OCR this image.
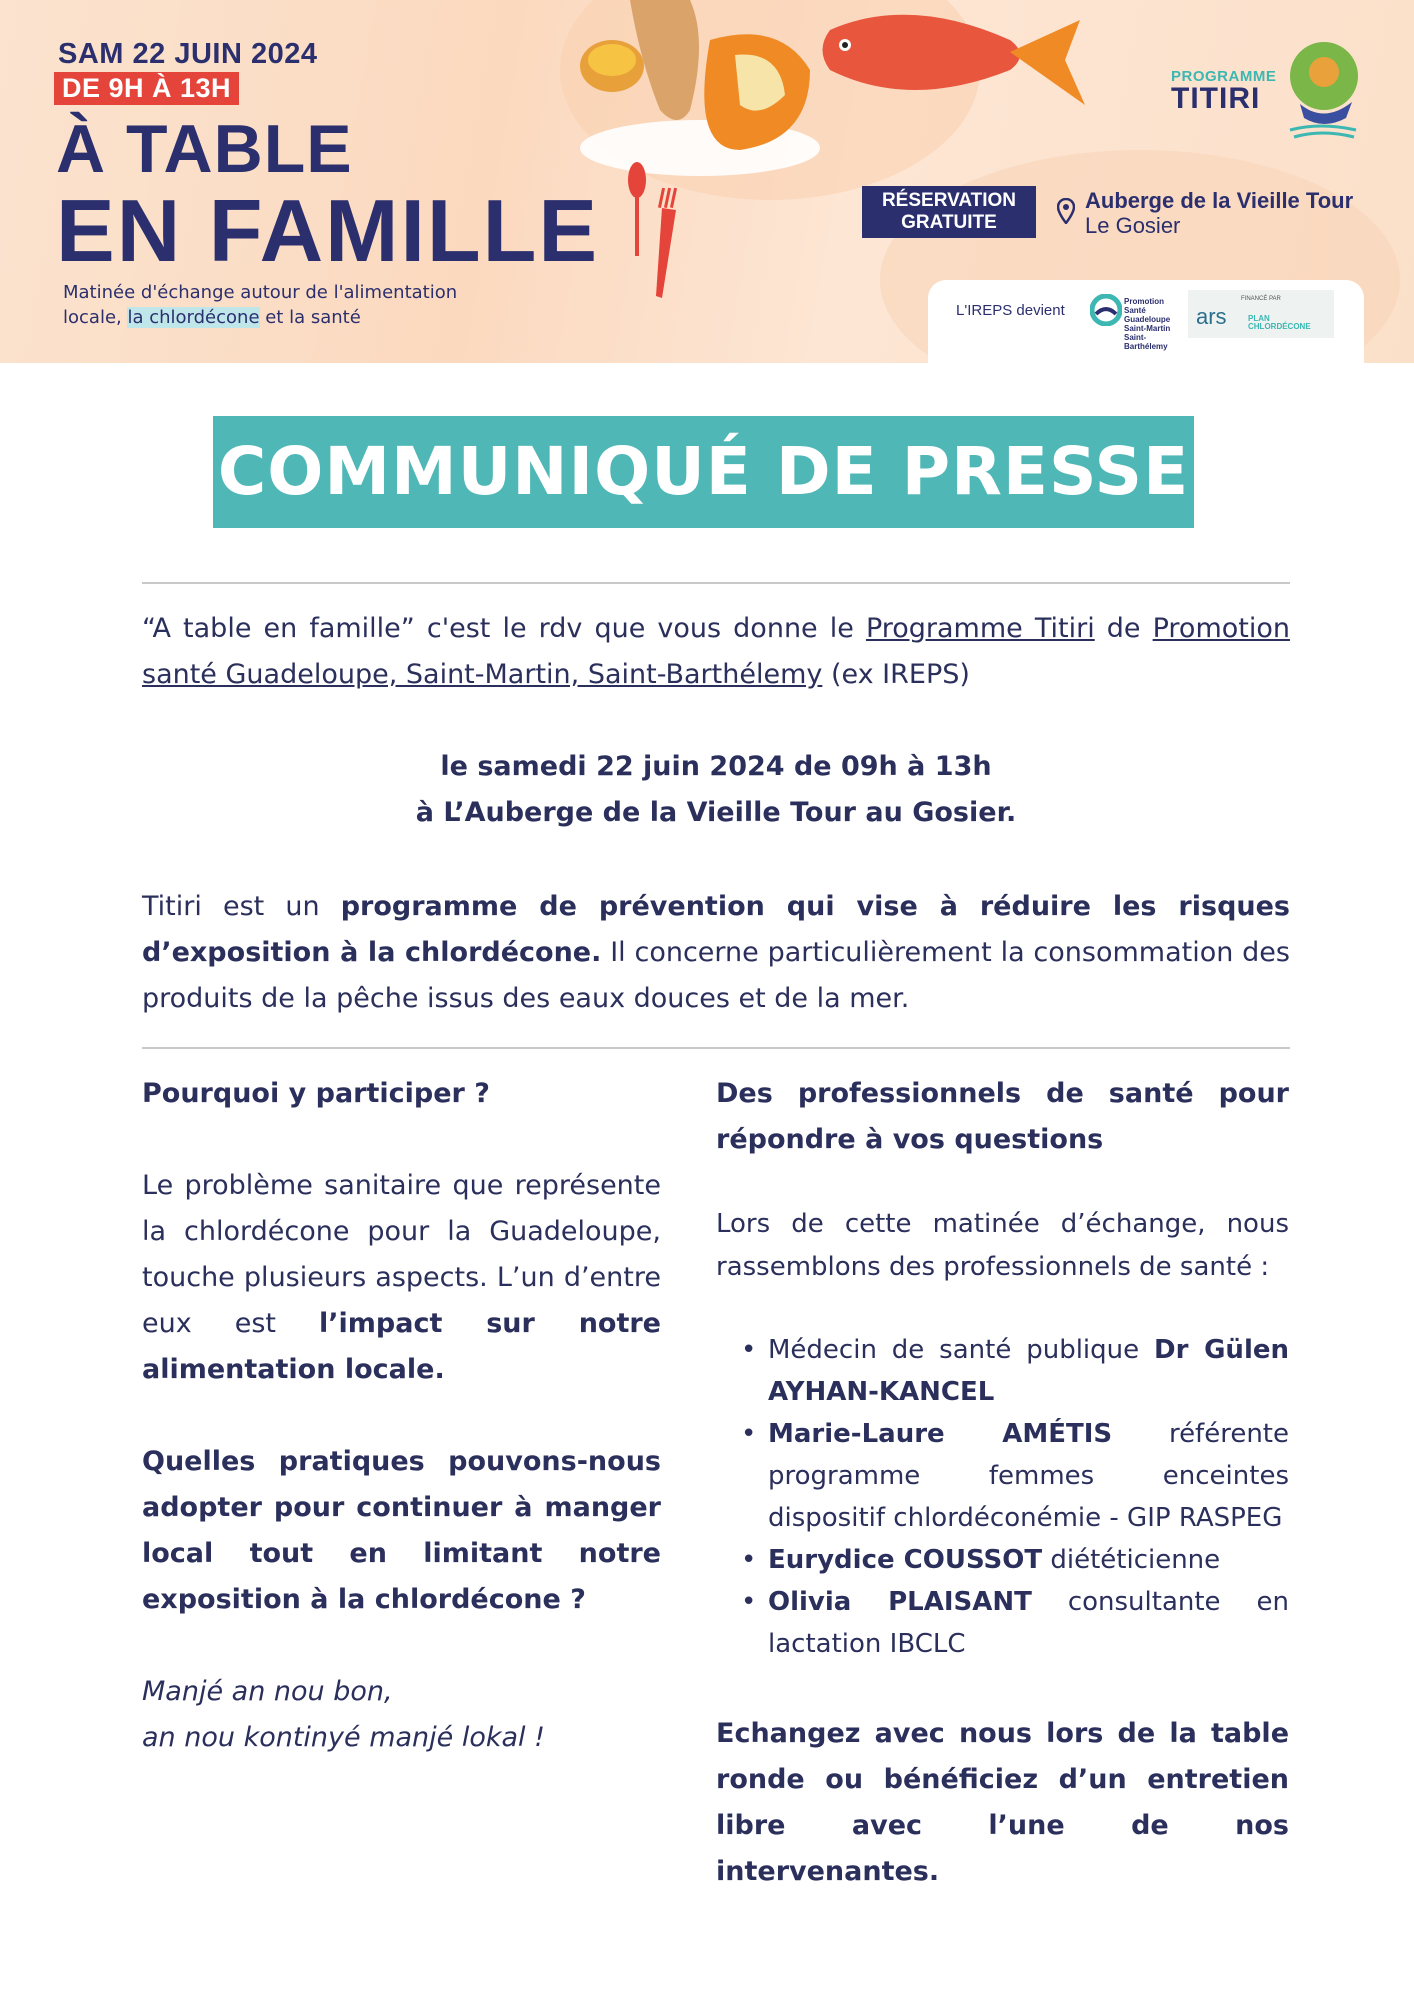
SAM 22 JUIN 2024
DE 9H À 13H
À TABLE
EN FAMILLE
Matinée d'échange autour de l'alimentation locale, la chlordécone et la santé
RÉSERVATION
GRATUITE
Auberge de la Vieille Tour
Le Gosier
PROGRAMME
TITIRI
L'IREPS devient
Promotion Santé Guadeloupe Saint-Martin Saint-Barthélemy
FINANCÉ PAR
ars	PLAN CHLORDÉCONE
COMMUNIQUÉ DE PRESSE

“A table en famille” c'est le rdv que vous donne le Programme Titiri de Promotion santé Guadeloupe, Saint-Martin, Saint-Barthélemy (ex IREPS)

le samedi 22 juin 2024 de 09h à 13h
à L’Auberge de la Vieille Tour au Gosier.

Titiri est un programme de prévention qui vise à réduire les risques d’exposition à la chlordécone. Il concerne particulièrement la consommation des produits de la pêche issus des eaux douces et de la mer.

Pourquoi y participer ?
Le problème sanitaire que représente la chlordécone pour la Guadeloupe, touche plusieurs aspects. L’un d’entre eux est l’impact sur notre alimentation locale.
Quelles pratiques pouvons-nous adopter pour continuer à manger local tout en limitant notre exposition à la chlordécone ?
Manjé an nou bon,
an nou kontinyé manjé lokal !
Des professionnels de santé pour répondre à vos questions
Lors de cette matinée d’échange, nous rassemblons des professionnels de santé :
• Médecin de santé publique Dr Gülen AYHAN-KANCEL
• Marie-Laure AMÉTIS référente programme femmes enceintes dispositif chlordéconémie - GIP RASPEG
• Eurydice COUSSOT diététicienne
• Olivia PLAISANT consultante en lactation IBCLC
Echangez avec nous lors de la table ronde ou bénéficiez d’un entretien libre avec l’une de nos intervenantes.
